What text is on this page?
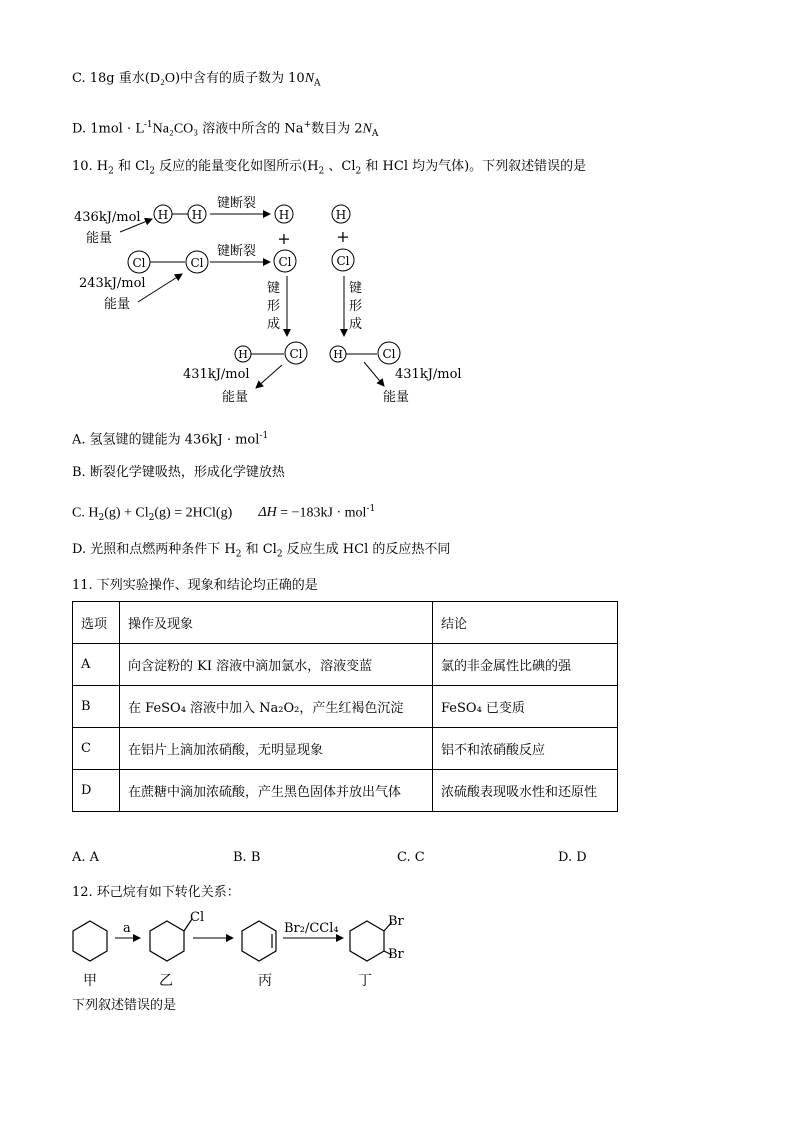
C. 18g 重水(D₂O)中含有的质子数为 $10N_A$
D. $1mol \cdot L^{-1}Na_2CO_3$ 溶液中所含的 Na+数目为 $2N_A$
10. $H_2$ 和 $Cl_2$ 反应的能量变化如图所示($H_2$ 、$Cl_2$ 和 HCl 均为气体)。下列叙述错误的是
H H
键断裂
H
+
H
+
436kJ/mol
能量
Cl	Cl
键断裂
Cl	Cl
243kJ/mol
能量
键
形
成
键
形
成
H	Cl
431kJ/mol
能量
H	Cl
431kJ/mol
能量
A. 氢氢键的键能为 436kJ · mol$^{-1}$
B. 断裂化学键吸热，形成化学键放热
C. $H_2(g) + Cl_2(g) = 2HCl(g) \Delta H = -183kJ \cdot mol^{-1}$
D. 光照和点燃两种条件下 $H_2$ 和 $Cl_2$ 反应生成 HCl 的反应热不同
11. 下列实验操作、现象和结论均正确的是
选项	操作及现象	结论
A	向含淀粉的 KI 溶液中滴加氯水，溶液变蓝	氯的非金属性比碘的强
B	在 FeSO₄ 溶液中加入 Na₂O₂，产生红褐色沉淀	FeSO₄ 已变质
C	在铝片上滴加浓硝酸，无明显现象	铝不和浓硝酸反应
D	在蔗糖中滴加浓硫酸，产生黑色固体并放出气体	浓硫酸表现吸水性和还原性
A. A	B. B	C. C	D. D
12. 环己烷有如下转化关系：
a
Cl
Br₂/CCl₄	Br
Br
甲	乙	丙	丁
下列叙述错误的是
